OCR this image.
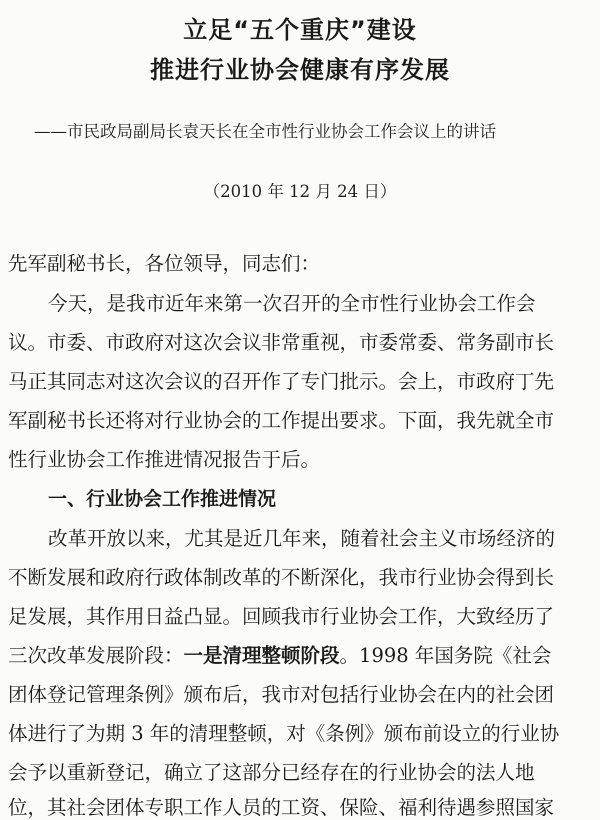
立足“五个重庆”建设
推进行业协会健康有序发展
——市民政局副局长袁天长在全市性行业协会工作会议上的讲话
（2010 年 12 月 24 日）
先军副秘书长，各位领导，同志们：
今天，是我市近年来第一次召开的全市性行业协会工作会
议。市委、市政府对这次会议非常重视，市委常委、常务副市长
马正其同志对这次会议的召开作了专门批示。会上，市政府丁先
军副秘书长还将对行业协会的工作提出要求。下面，我先就全市
性行业协会工作推进情况报告于后。
一、行业协会工作推进情况
改革开放以来，尤其是近几年来，随着社会主义市场经济的
不断发展和政府行政体制改革的不断深化，我市行业协会得到长
足发展，其作用日益凸显。回顾我市行业协会工作，大致经历了
三次改革发展阶段：一是清理整顿阶段。1998 年国务院《社会
团体登记管理条例》颁布后，我市对包括行业协会在内的社会团
体进行了为期 3 年的清理整顿，对《条例》颁布前设立的行业协
会予以重新登记，确立了这部分已经存在的行业协会的法人地
位，其社会团体专职工作人员的工资、保险、福利待遇参照国家
